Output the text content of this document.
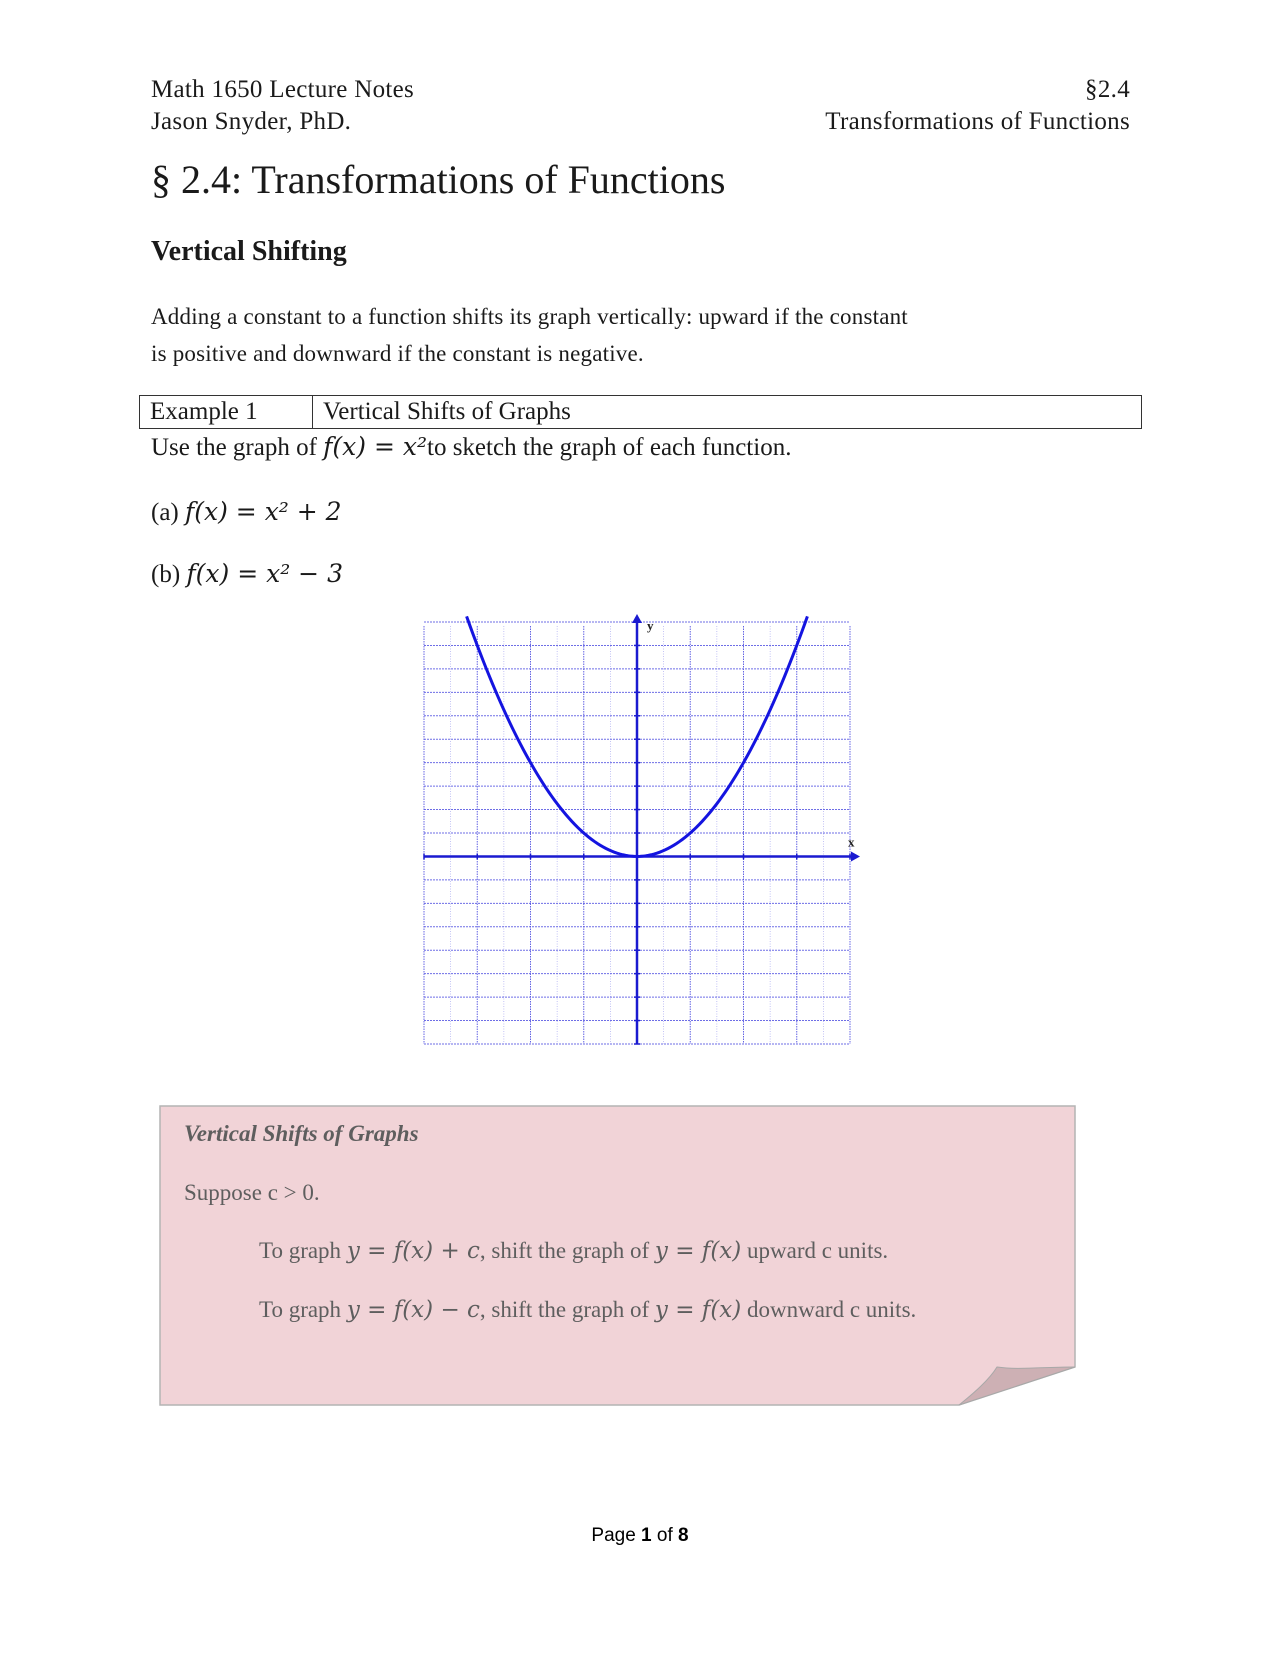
Math 1650 Lecture Notes
Jason Snyder, PhD.
§2.4
Transformations of Functions
§ 2.4: Transformations of Functions
Vertical Shifting
Adding a constant to a function shifts its graph vertically: upward if the constant
is positive and downward if the constant is negative.
Example 1	Vertical Shifts of Graphs
Use the graph of f(x) = x²to sketch the graph of each function.
(a) f(x) = x² + 2
(b) f(x) = x² − 3
x
y
Vertical Shifts of Graphs
Suppose c > 0.
To graph y = f(x) + c, shift the graph of y = f(x) upward c units.
To graph y = f(x) − c, shift the graph of y = f(x) downward c units.
Page 1 of 8
